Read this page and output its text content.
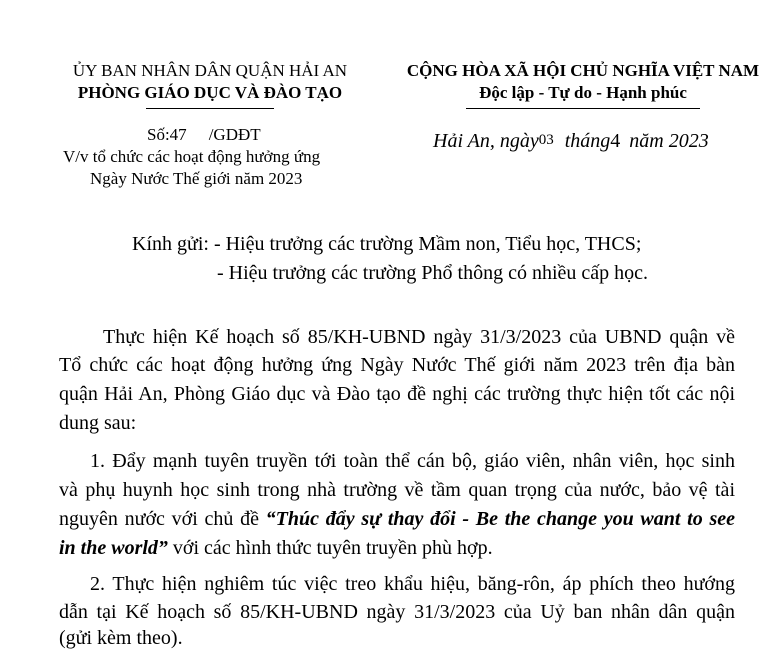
ỦY BAN NHÂN DÂN QUẬN HẢI AN
PHÒNG GIÁO DỤC VÀ ĐÀO TẠO
CỘNG HÒA XÃ HỘI CHỦ NGHĨA VIỆT NAM
Độc lập - Tự do - Hạnh phúc
Số:47 /GDĐT
V/v tổ chức các hoạt động hưởng ứng
Ngày Nước Thế giới năm 2023
Hải An, ngày$^{03}$ tháng4 năm 2023
Kính gửi: - Hiệu trưởng các trường Mầm non, Tiểu học, THCS;
- Hiệu trưởng các trường Phổ thông có nhiều cấp học.
Thực hiện Kế hoạch số 85/KH-UBND ngày 31/3/2023 của UBND quận về
Tổ chức các hoạt động hưởng ứng Ngày Nước Thế giới năm 2023 trên địa bàn
quận Hải An, Phòng Giáo dục và Đào tạo đề nghị các trường thực hiện tốt các nội
dung sau:
1. Đẩy mạnh tuyên truyền tới toàn thể cán bộ, giáo viên, nhân viên, học sinh
và phụ huynh học sinh trong nhà trường về tầm quan trọng của nước, bảo vệ tài
nguyên nước với chủ đề “Thúc đẩy sự thay đổi - Be the change you want to see
in the world” với các hình thức tuyên truyền phù hợp.
2. Thực hiện nghiêm túc việc treo khẩu hiệu, băng-rôn, áp phích theo hướng
dẫn tại Kế hoạch số 85/KH-UBND ngày 31/3/2023 của Uỷ ban nhân dân quận
(gửi kèm theo).
